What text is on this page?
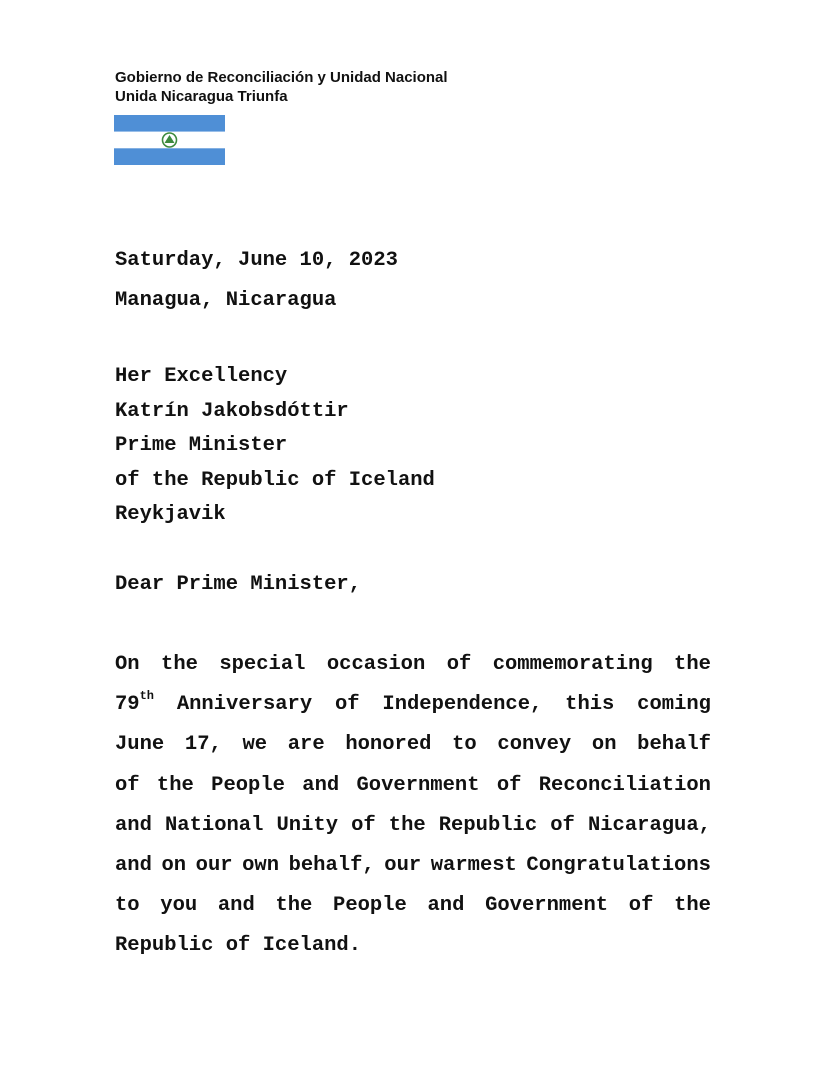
Gobierno de Reconciliación y Unidad Nacional
Unida Nicaragua Triunfa
Saturday, June 10, 2023
Managua, Nicaragua
Her Excellency
Katrín Jakobsdóttir
Prime Minister
of the Republic of Iceland
Reykjavik
Dear Prime Minister,
On the special occasion of commemorating the
79th Anniversary of Independence, this coming
June 17, we are honored to convey on behalf
of the People and Government of Reconciliation
and National Unity of the Republic of Nicaragua,
and on our own behalf, our warmest Congratulations
to you and the People and Government of the
Republic of Iceland.
